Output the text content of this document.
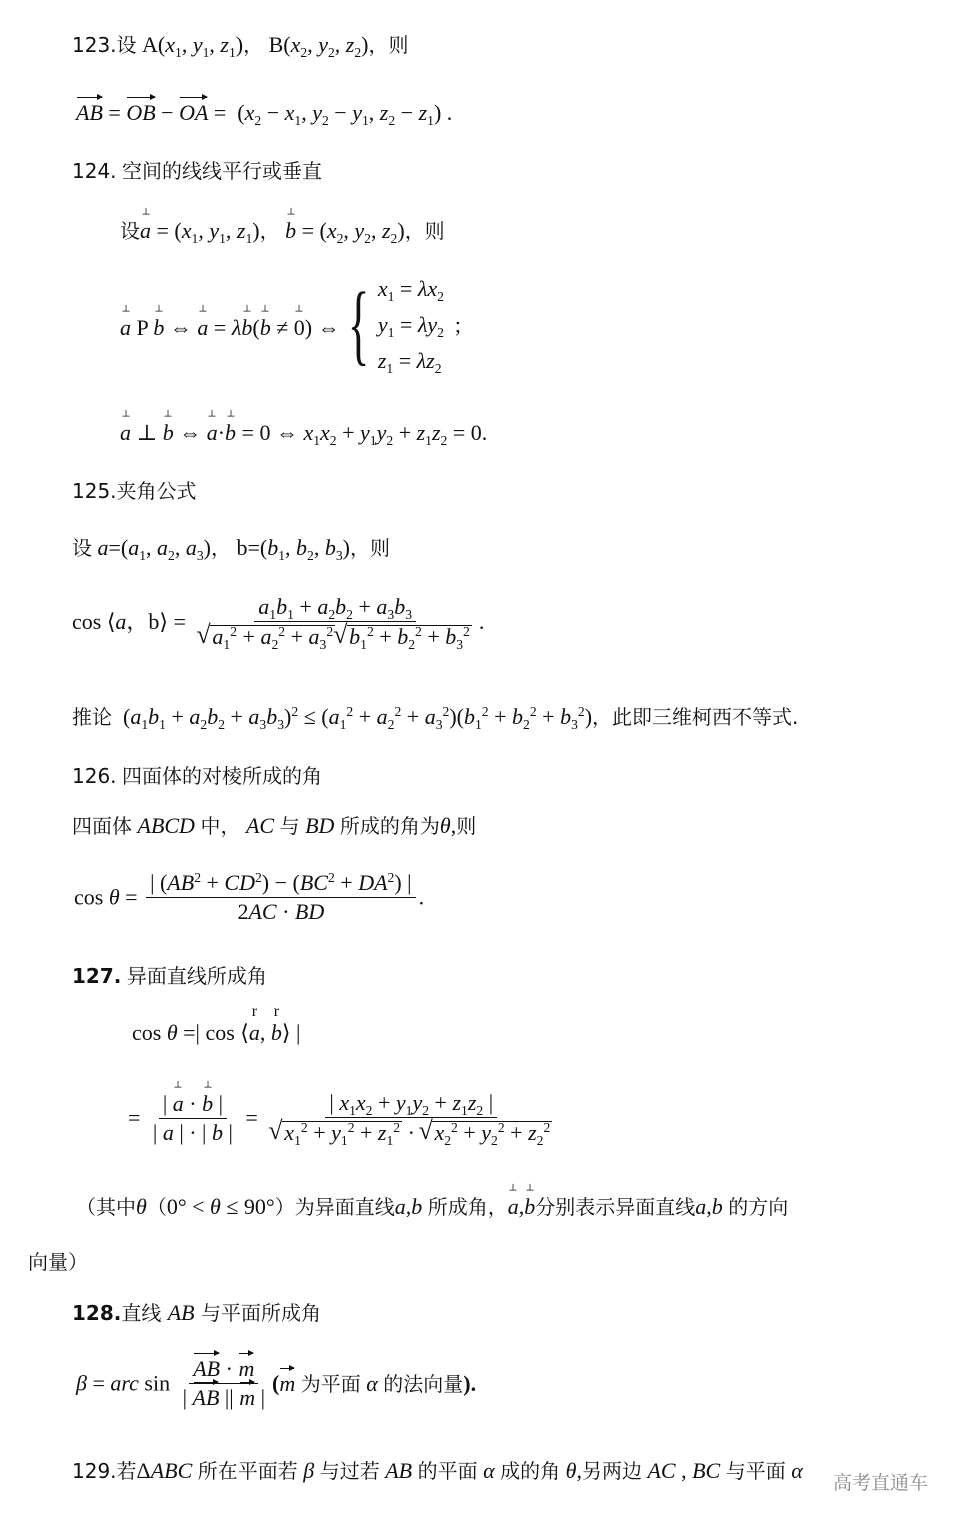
123.设 $A(x_1$, $y_1$, $z_1$)， $B(x_2$, $y_2$, $z_2$)，则
AB = OB − OA =  ($x_2 - x_1$, $y_2 - y_1$, $z_2 - z_1$) .
124. 空间的线线平行或垂直
设⊥ $a = (x_1$, $y_1$, $z_1$)， ⊥ $b = (x_2$, $y_2$, $z_2$)，则
⊥ a P ⊥ b ⇔ ⊥ a = λ⊥ b(⊥ b ≠ ⊥ 0) ⇔ { $x_1 = \lambda x_2$
$y_1 = \lambda y_2$  ;
$z_1 = \lambda z_2$
⊥ a ⊥ ⊥ b ⇔ ⊥ a·⊥ b = 0 ⇔ $x_1x_2 + y_1y_2 + z_1z_2 = 0$.
125.夹角公式
设 $a=(a_1$, $a_2$, $a_3$)， $b=(b_1$, $b_2$, $b_3$)，则
cos ⟨a，b⟩ = $a_1b_1 + a_2b_2 + a_3b_3$
√ $a_1^2 + a_2^2 + a_3^2$ √ $b_1^2 + b_2^2 + b_3^2$ .
推论  $(a_1b_1 + a_2b_2 + a_3b_3)^2 \le (a_1^2 + a_2^2 + a_3^2)(b_1^2 + b_2^2 + b_3^2)$，此即三维柯西不等式.
126. 四面体的对棱所成的角
四面体 ABCD 中， AC 与 BD 所成的角为θ,则
$\cos \theta = \frac{| (AB^2 + CD^2) - (BC^2 + DA^2) |}{2AC \cdot BD}$ .
127. 异面直线所成角
cos θ =| cos ⟨r a, r b⟩ |
= $\frac{| \perp a \cdot \perp b |}{| a | \cdot | b |}$ = | $x_1x_2 + y_1y_2 + z_1z_2$ |
√ $x_1^2 + y_1^2 + z_1^2$ · √ $x_2^2 + y_2^2 + z_2^2$
（其中θ（0° < θ ≤ 90°）为异面直线a,b 所成角，⊥ a,⊥ b分别表示异面直线a,b 的方向
向量）
128.直线 AB 与平面所成角
β = arc $\sin \frac{AB \cdot m}{| AB || m |} (m$ 为平面 α 的法向量).
129.若ΔABC 所在平面若 β 与过若 AB 的平面 α 成的角 θ,另两边 AC , BC 与平面 α 高考直通车
